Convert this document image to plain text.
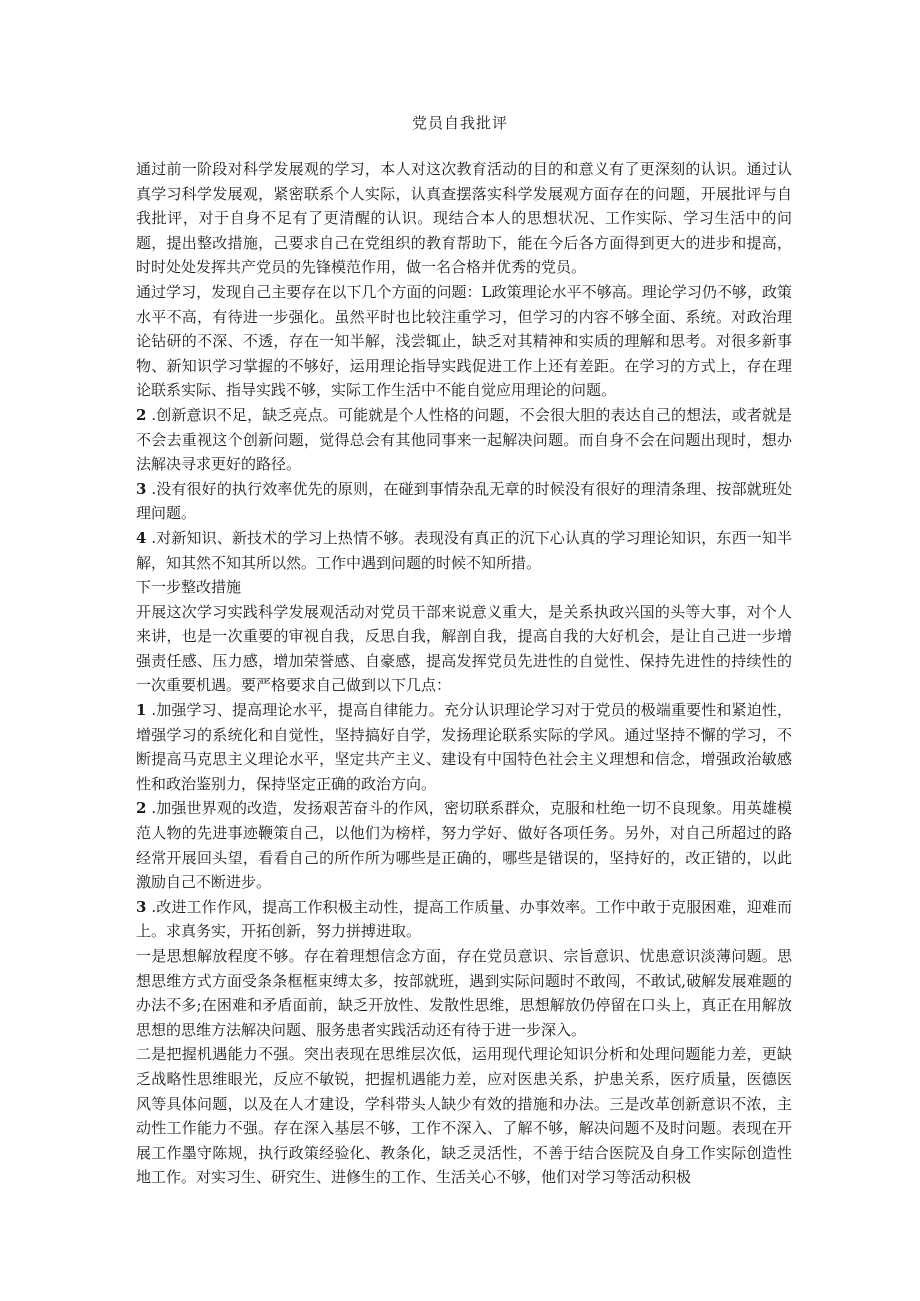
党员自我批评

通过前一阶段对科学发展观的学习，本人对这次教育活动的目的和意义有了更深刻的认识。通过认真学习科学发展观，紧密联系个人实际，认真查摆落实科学发展观方面存在的问题，开展批评与自我批评，对于自身不足有了更清醒的认识。现结合本人的思想状况、工作实际、学习生活中的问题，提出整改措施，己要求自己在党组织的教育帮助下，能在今后各方面得到更大的进步和提高，时时处处发挥共产党员的先锋模范作用，做一名合格并优秀的党员。

通过学习，发现自己主要存在以下几个方面的问题：L政策理论水平不够高。理论学习仍不够，政策水平不高，有待进一步强化。虽然平时也比较注重学习，但学习的内容不够全面、系统。对政治理论钻研的不深、不透，存在一知半解，浅尝辄止，缺乏对其精神和实质的理解和思考。对很多新事物、新知识学习掌握的不够好，运用理论指导实践促进工作上还有差距。在学习的方式上，存在理论联系实际、指导实践不够，实际工作生活中不能自觉应用理论的问题。

2 .创新意识不足，缺乏亮点。可能就是个人性格的问题，不会很大胆的表达自己的想法，或者就是不会去重视这个创新问题，觉得总会有其他同事来一起解决问题。而自身不会在问题出现时，想办法解决寻求更好的路径。

3 .没有很好的执行效率优先的原则，在碰到事情杂乱无章的时候没有很好的理清条理、按部就班处理问题。

4 .对新知识、新技术的学习上热情不够。表现没有真正的沉下心认真的学习理论知识，东西一知半解，知其然不知其所以然。工作中遇到问题的时候不知所措。

下一步整改措施

开展这次学习实践科学发展观活动对党员干部来说意义重大，是关系执政兴国的头等大事，对个人来讲，也是一次重要的审视自我，反思自我，解剖自我，提高自我的大好机会，是让自己进一步增强责任感、压力感，增加荣誉感、自豪感，提高发挥党员先进性的自觉性、保持先进性的持续性的一次重要机遇。要严格要求自己做到以下几点：

1 .加强学习、提高理论水平，提高自律能力。充分认识理论学习对于党员的极端重要性和紧迫性，增强学习的系统化和自觉性，坚持搞好自学，发扬理论联系实际的学风。通过坚持不懈的学习，不断提高马克思主义理论水平，坚定共产主义、建设有中国特色社会主义理想和信念，增强政治敏感性和政治鉴别力，保持坚定正确的政治方向。

2 .加强世界观的改造，发扬艰苦奋斗的作风，密切联系群众，克服和杜绝一切不良现象。用英雄模范人物的先进事迹鞭策自己，以他们为榜样，努力学好、做好各项任务。另外，对自己所超过的路经常开展回头望，看看自己的所作所为哪些是正确的，哪些是错误的，坚持好的，改正错的，以此激励自己不断进步。

3 .改进工作作风，提高工作积极主动性，提高工作质量、办事效率。工作中敢于克服困难，迎难而上。求真务实，开拓创新，努力拼搏进取。

一是思想解放程度不够。存在着理想信念方面，存在党员意识、宗旨意识、忧患意识淡薄问题。思想思维方式方面受条条框框束缚太多，按部就班，遇到实际问题时不敢闯，不敢试,破解发展难题的办法不多;在困难和矛盾面前，缺乏开放性、发散性思维，思想解放仍停留在口头上，真正在用解放思想的思维方法解决问题、服务患者实践活动还有待于进一步深入。

二是把握机遇能力不强。突出表现在思维层次低，运用现代理论知识分析和处理问题能力差，更缺乏战略性思维眼光，反应不敏锐，把握机遇能力差，应对医患关系，护患关系，医疗质量，医德医风等具体问题，以及在人才建设，学科带头人缺少有效的措施和办法。三是改革创新意识不浓，主动性工作能力不强。存在深入基层不够，工作不深入、了解不够，解决问题不及时问题。表现在开展工作墨守陈规，执行政策经验化、教条化，缺乏灵活性，不善于结合医院及自身工作实际创造性地工作。对实习生、研究生、进修生的工作、生活关心不够，他们对学习等活动积极
